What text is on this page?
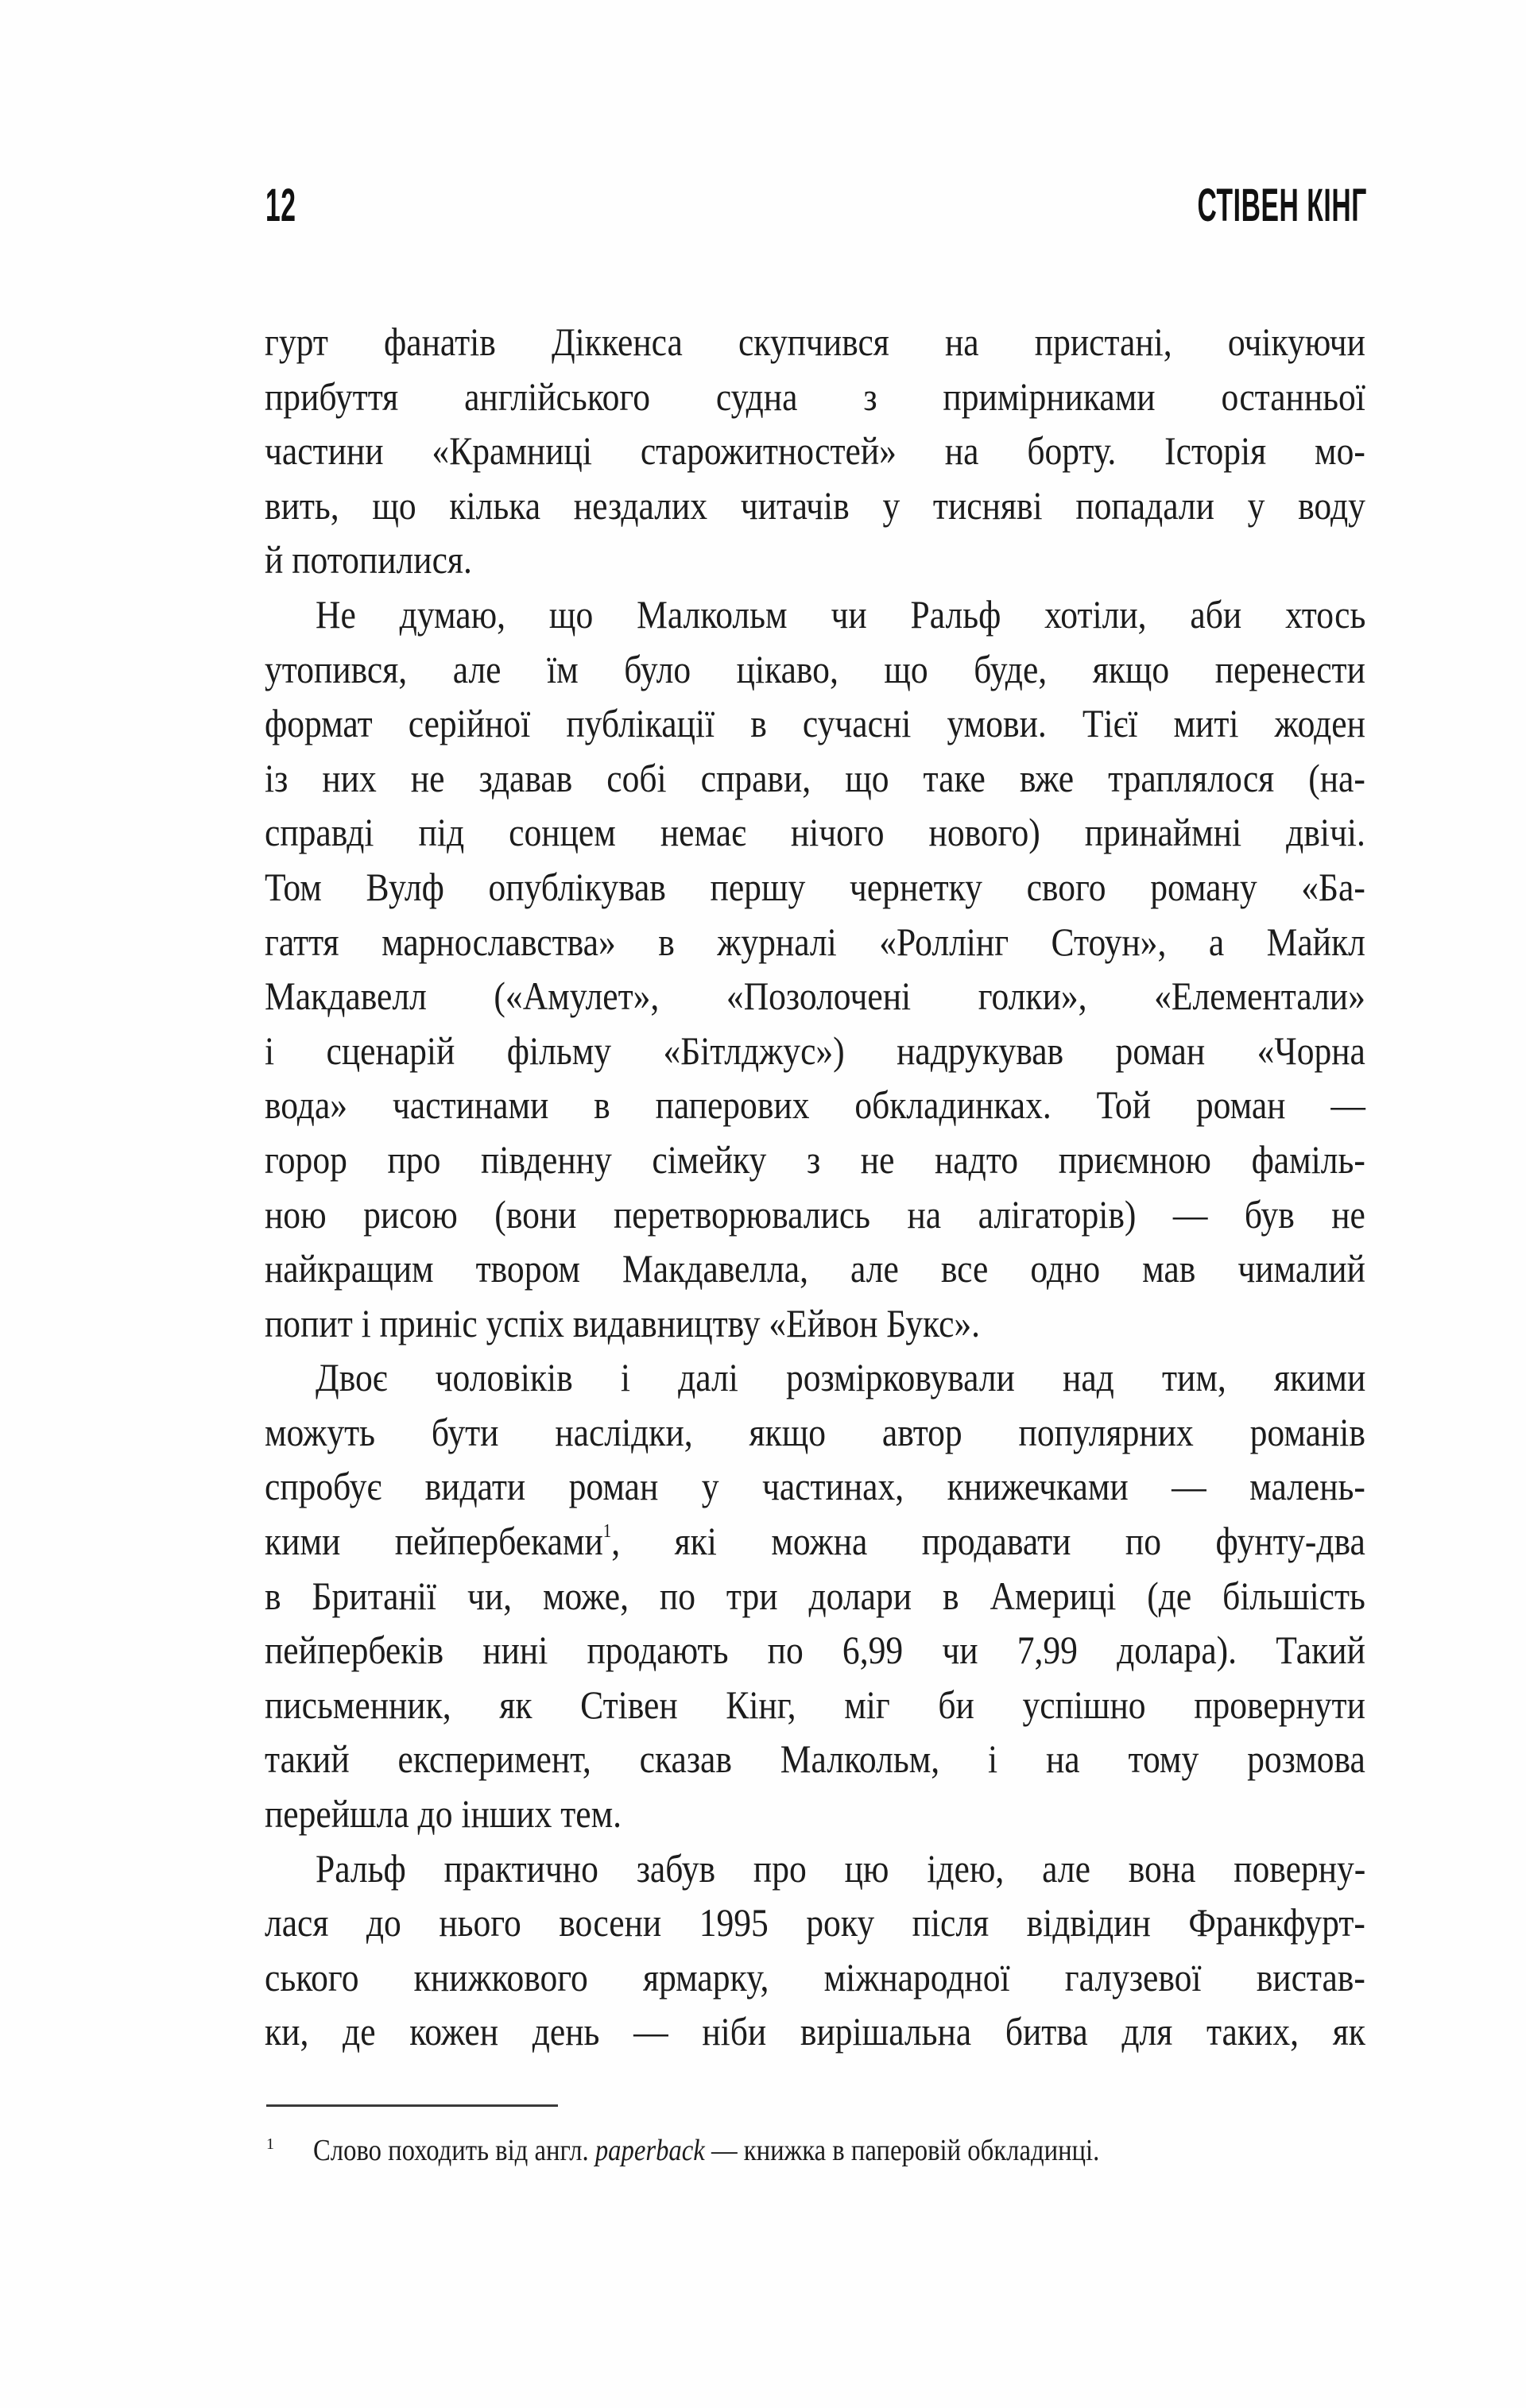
12	СТІВЕН КІНГ
гурт фанатів Діккенса скупчився на пристані, очікуючи
прибуття англійського судна з примірниками останньої
частини «Крамниці старожитностей» на борту. Історія мо-
вить, що кілька нездалих читачів у тисняві попадали у воду
й потопилися.
Не думаю, що Малкольм чи Ральф хотіли, аби хтось
утопився, але їм було цікаво, що буде, якщо перенести
формат серійної публікації в сучасні умови. Тієї миті жоден
із них не здавав собі справи, що таке вже траплялося (на-
справді під сонцем немає нічого нового) принаймні двічі.
Том Вулф опублікував першу чернетку свого роману «Ба-
гаття марнославства» в журналі «Роллінг Стоун», а Майкл
Макдавелл («Амулет», «Позолочені голки», «Елементали»
і сценарій фільму «Бітлджус») надрукував роман «Чорна
вода» частинами в паперових обкладинках. Той роман —
горор про південну сімейку з не надто приємною фаміль-
ною рисою (вони перетворювались на алігаторів) — був не
найкращим твором Макдавелла, але все одно мав чималий
попит і приніс успіх видавництву «Ейвон Букс».
Двоє чоловіків і далі розмірковували над тим, якими
можуть бути наслідки, якщо автор популярних романів
спробує видати роман у частинах, книжечками — малень-
кими пейпербеками$^1$, які можна продавати по фунту-два
в Британії чи, може, по три долари в Америці (де більшість
пейпербеків нині продають по 6,99 чи 7,99 долара). Такий
письменник, як Стівен Кінг, міг би успішно провернути
такий експеримент, сказав Малкольм, і на тому розмова
перейшла до інших тем.
Ральф практично забув про цю ідею, але вона поверну-
лася до нього восени 1995 року після відвідин Франкфурт-
ського книжкового ярмарку, міжнародної галузевої вистав-
ки, де кожен день — ніби вирішальна битва для таких, як
1 Слово походить від англ. paperback — книжка в паперовій обкладинці.
